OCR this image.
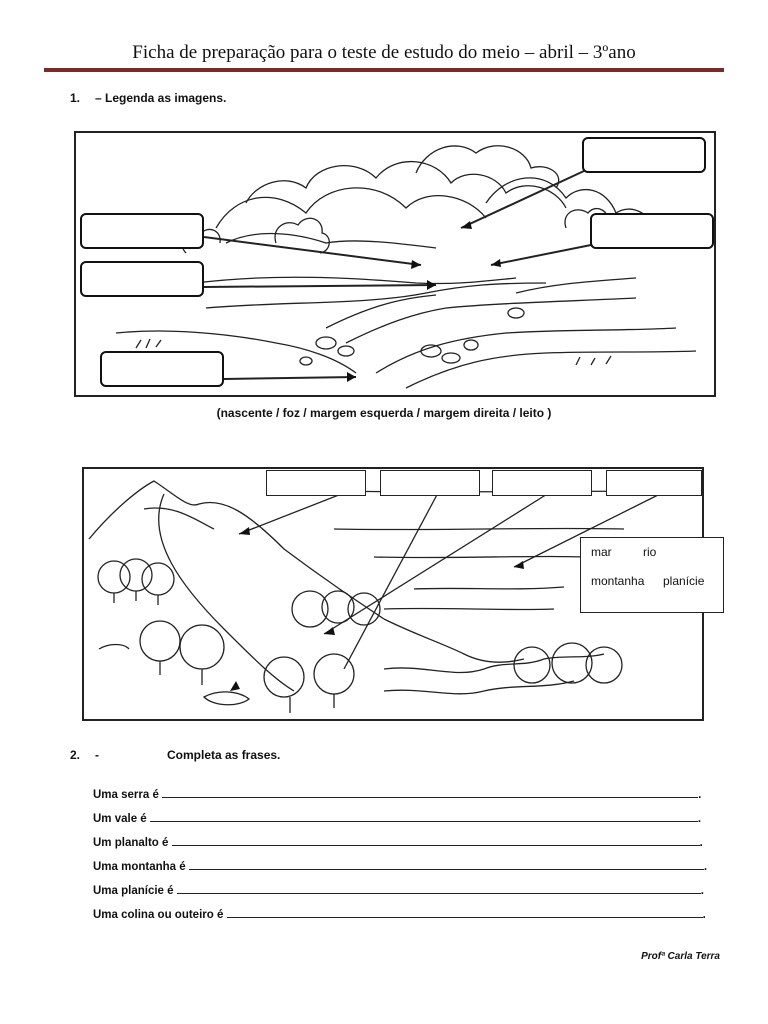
Ficha de preparação para o teste de estudo do meio – abril – 3ºano
1. – Legenda as imagens.
(nascente / foz / margem esquerda / margem direita / leito )
mar	rio
montanha planície
2. -	Completa as frases.
Uma serra é	.
Um vale é	.
Um planalto é	.
Uma montanha é	.
Uma planície é	.
Uma colina ou outeiro é	.
Profª Carla Terra
